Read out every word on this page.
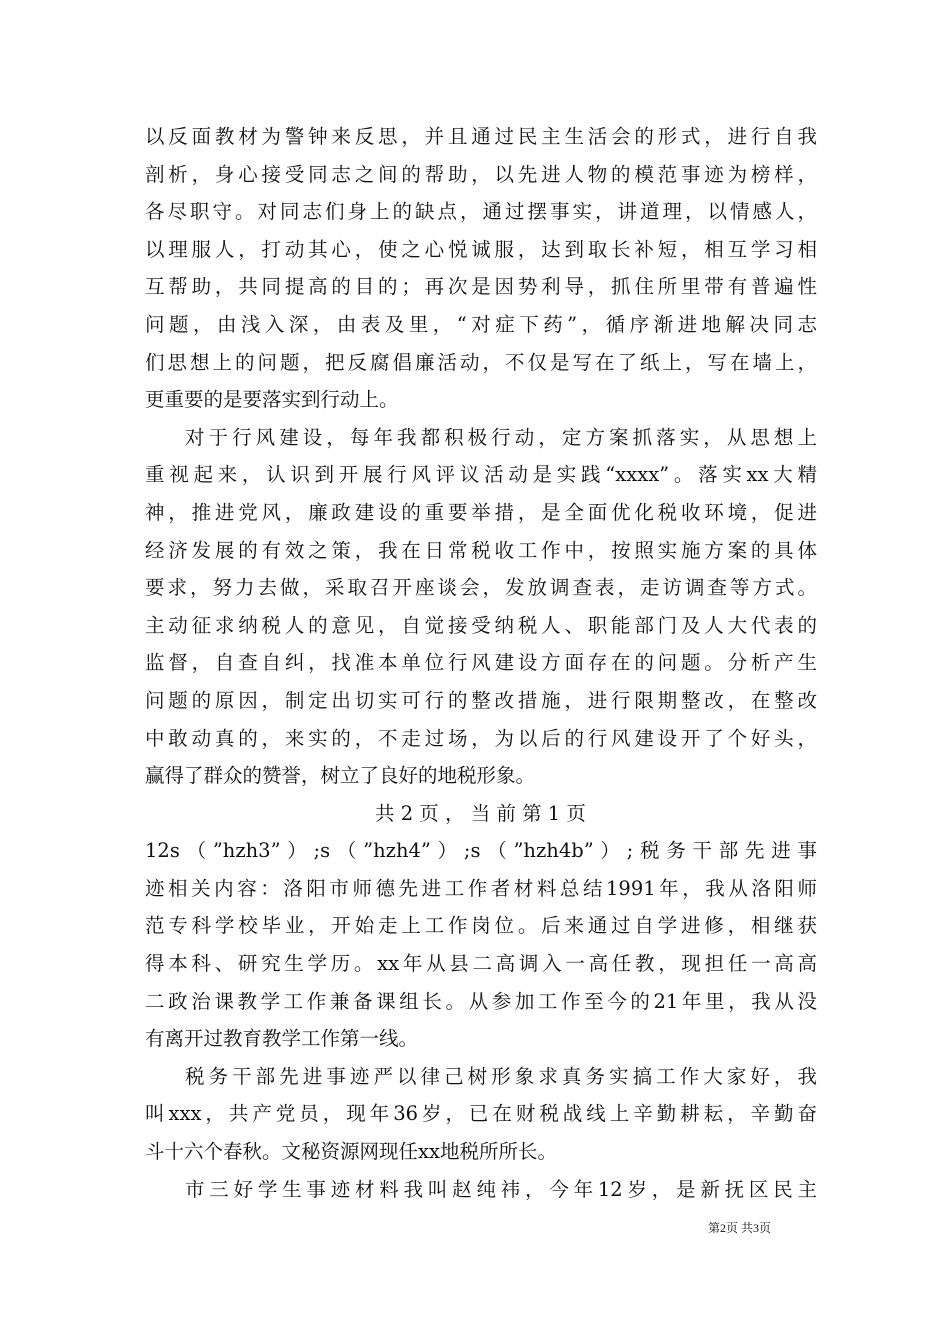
以反面教材为警钟来反思，并且通过民主生活会的形式，进行自我
剖析，身心接受同志之间的帮助，以先进人物的模范事迹为榜样，
各尽职守。对同志们身上的缺点，通过摆事实，讲道理，以情感人，
以理服人，打动其心，使之心悦诚服，达到取长补短，相互学习相
互帮助，共同提高的目的；再次是因势利导，抓住所里带有普遍性
问题，由浅入深，由表及里，“对症下药”，循序渐进地解决同志
们思想上的问题，把反腐倡廉活动，不仅是写在了纸上，写在墙上，
更重要的是要落实到行动上。
对于行风建设，每年我都积极行动，定方案抓落实，从思想上
重视起来，认识到开展行风评议活动是实践“xxxx”。落实xx大精
神，推进党风，廉政建设的重要举措，是全面优化税收环境，促进
经济发展的有效之策，我在日常税收工作中，按照实施方案的具体
要求，努力去做，采取召开座谈会，发放调查表，走访调查等方式。
主动征求纳税人的意见，自觉接受纳税人、职能部门及人大代表的
监督，自查自纠，找准本单位行风建设方面存在的问题。分析产生
问题的原因，制定出切实可行的整改措施，进行限期整改，在整改
中敢动真的，来实的，不走过场，为以后的行风建设开了个好头，
赢得了群众的赞誉，树立了良好的地税形象。
共 2 页 ， 当 前 第 1 页
12s（”hzh3”）;s（”hzh4”）;s（”hzh4b”）;税务干部先进事
迹相关内容：洛阳市师德先进工作者材料总结1991年，我从洛阳师
范专科学校毕业，开始走上工作岗位。后来通过自学进修，相继获
得本科、研究生学历。xx年从县二高调入一高任教，现担任一高高
二政治课教学工作兼备课组长。从参加工作至今的21年里，我从没
有离开过教育教学工作第一线。
税务干部先进事迹严以律己树形象求真务实搞工作大家好，我
叫xxx，共产党员，现年36岁，已在财税战线上辛勤耕耘，辛勤奋
斗十六个春秋。文秘资源网现任xx地税所所长。
市三好学生事迹材料我叫赵纯祎，今年12岁，是新抚区民主
第2页 共3页
